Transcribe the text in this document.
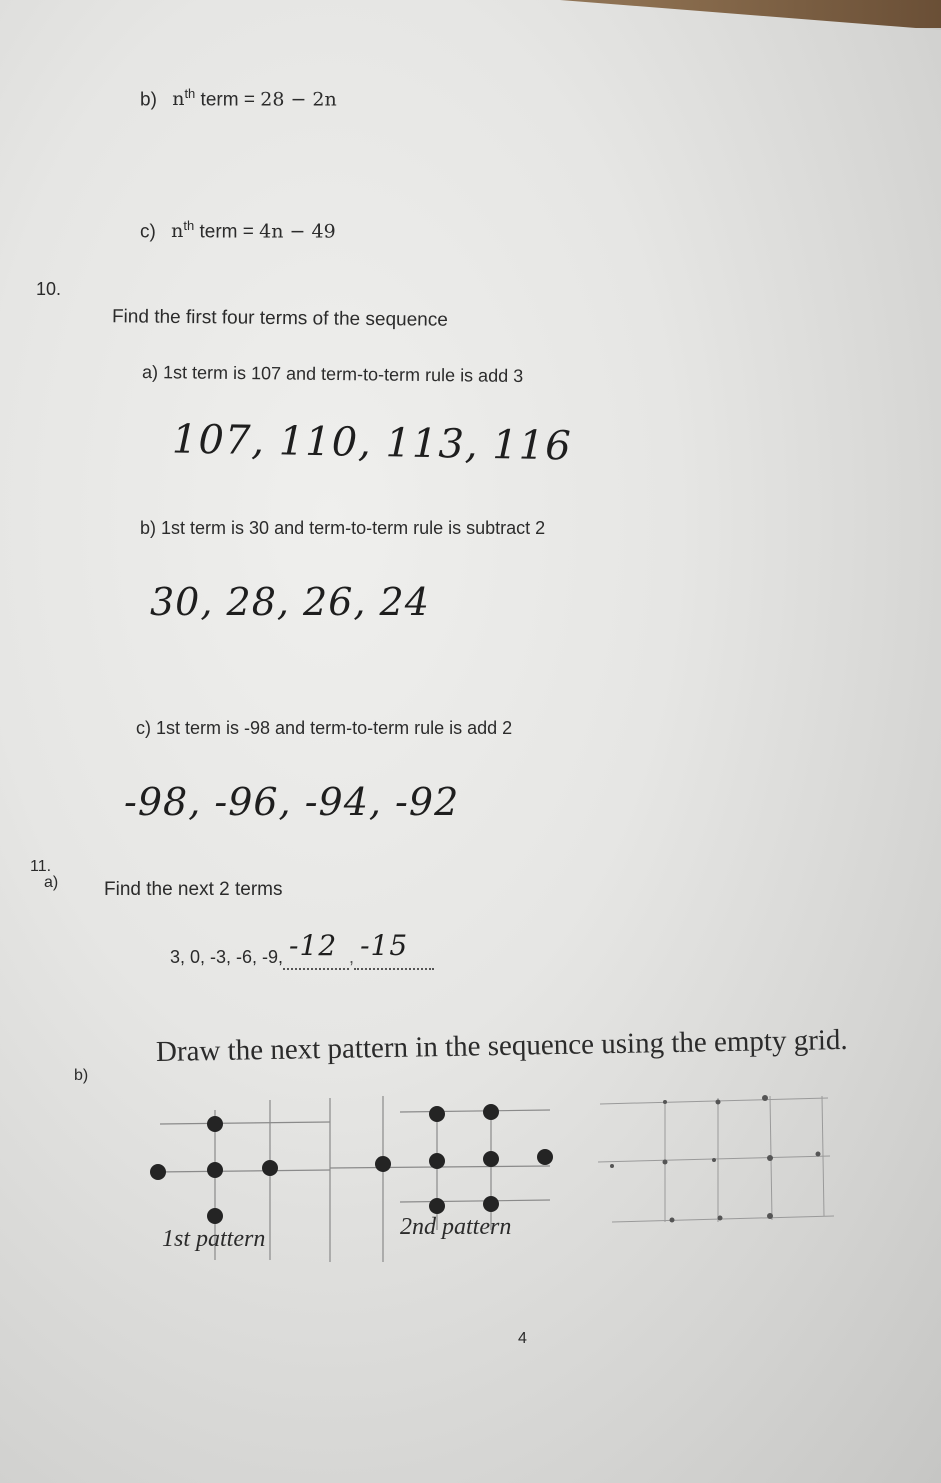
b) $n^{th}$ term = 28 − 2n
c) $n^{th}$ term = 4n − 49
10.
Find the first four terms of the sequence
a) 1st term is 107 and term-to-term rule is add 3
107, 110, 113, 116
b) 1st term is 30 and term-to-term rule is subtract 2
30, 28, 26, 24
c) 1st term is -98 and term-to-term rule is add 2
-98, -96, -94, -92
11.
a) Find the next 2 terms
3, 0, -3, -6, -9, -12 , -15

b)
Draw the next pattern in the sequence using the empty grid.
1st pattern	2nd pattern
4
